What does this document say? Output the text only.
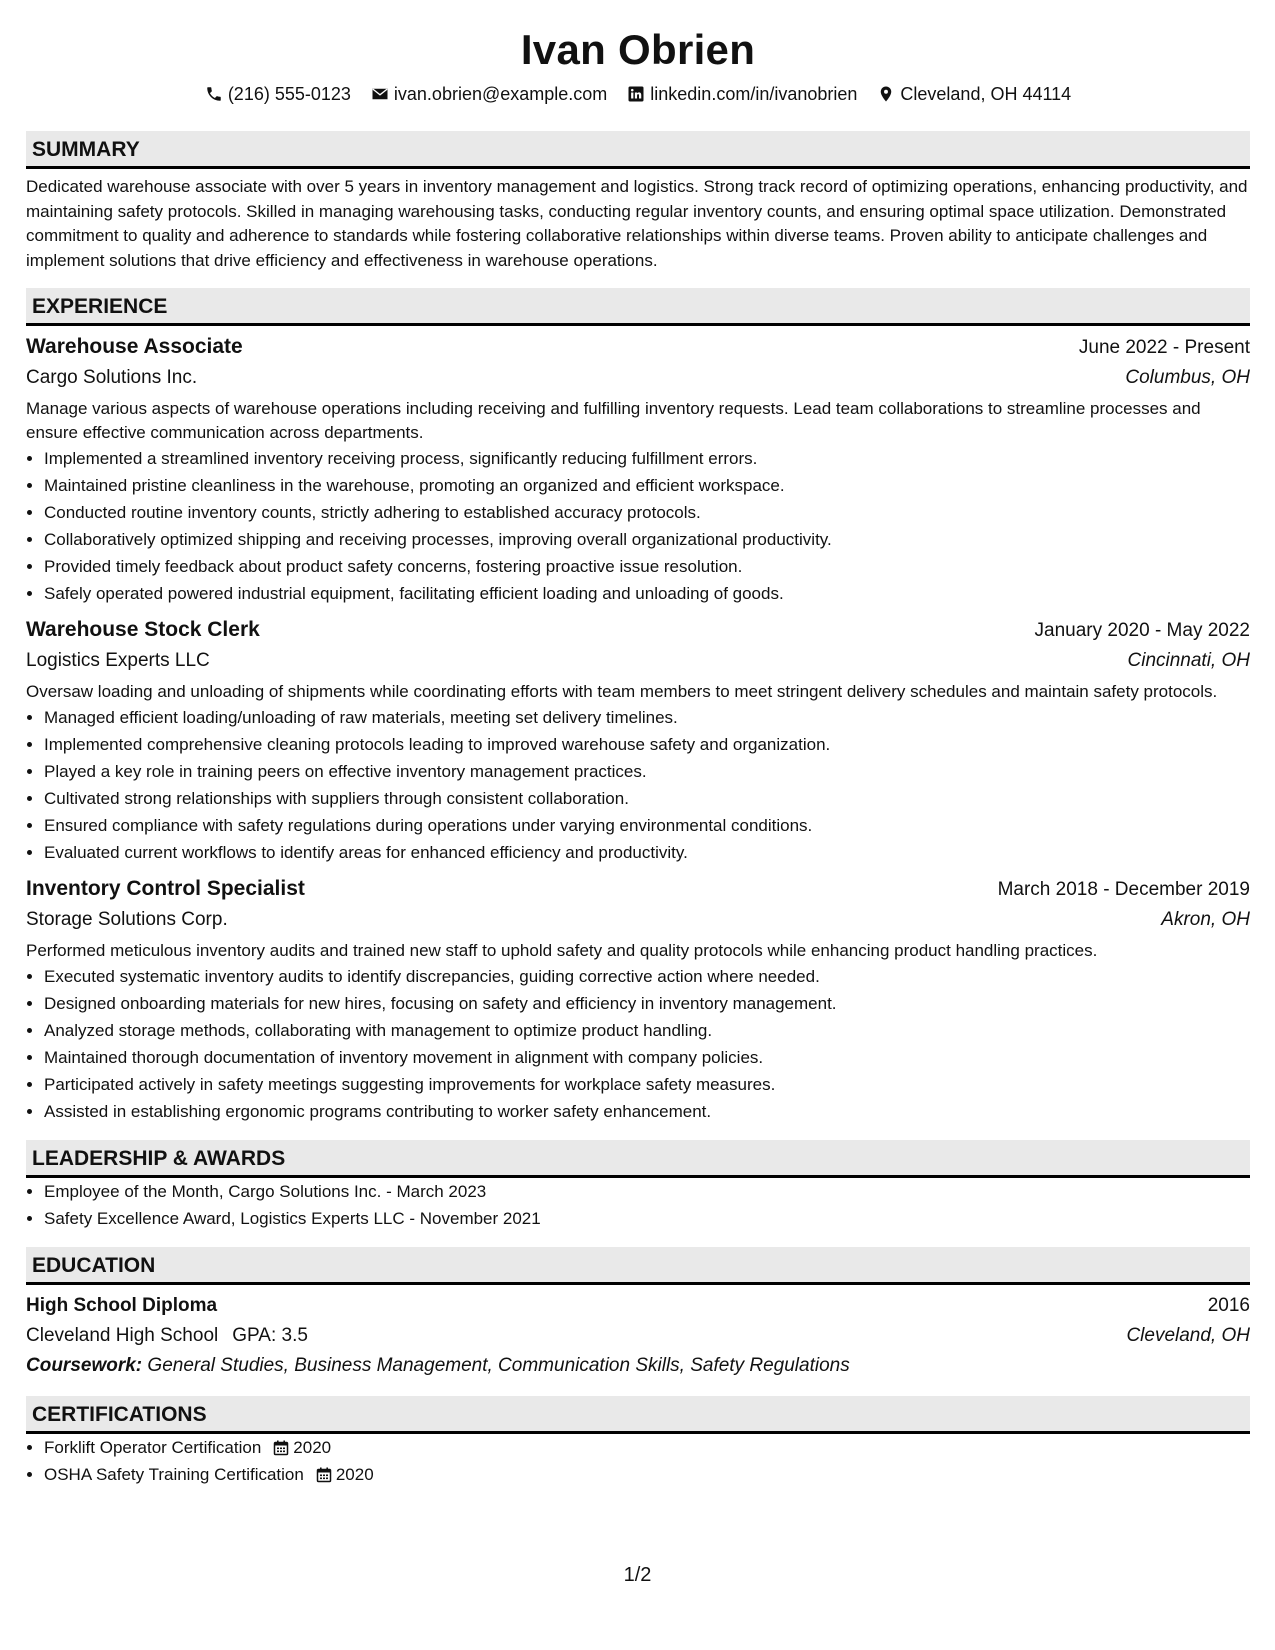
Ivan Obrien
(216) 555-0123 ivan.obrien@example.com linkedin.com/in/ivanobrien Cleveland, OH 44114
SUMMARY
Dedicated warehouse associate with over 5 years in inventory management and logistics. Strong track record of optimizing operations, enhancing productivity, and maintaining safety protocols. Skilled in managing warehousing tasks, conducting regular inventory counts, and ensuring optimal space utilization. Demonstrated commitment to quality and adherence to standards while fostering collaborative relationships within diverse teams. Proven ability to anticipate challenges and implement solutions that drive efficiency and effectiveness in warehouse operations.
EXPERIENCE
Warehouse Associate	June 2022 - Present
Cargo Solutions Inc.	Columbus, OH
Manage various aspects of warehouse operations including receiving and fulfilling inventory requests. Lead team collaborations to streamline processes and ensure effective communication across departments.
• Implemented a streamlined inventory receiving process, significantly reducing fulfillment errors.
• Maintained pristine cleanliness in the warehouse, promoting an organized and efficient workspace.
• Conducted routine inventory counts, strictly adhering to established accuracy protocols.
• Collaboratively optimized shipping and receiving processes, improving overall organizational productivity.
• Provided timely feedback about product safety concerns, fostering proactive issue resolution.
• Safely operated powered industrial equipment, facilitating efficient loading and unloading of goods.
Warehouse Stock Clerk	January 2020 - May 2022
Logistics Experts LLC	Cincinnati, OH
Oversaw loading and unloading of shipments while coordinating efforts with team members to meet stringent delivery schedules and maintain safety protocols.
• Managed efficient loading/unloading of raw materials, meeting set delivery timelines.
• Implemented comprehensive cleaning protocols leading to improved warehouse safety and organization.
• Played a key role in training peers on effective inventory management practices.
• Cultivated strong relationships with suppliers through consistent collaboration.
• Ensured compliance with safety regulations during operations under varying environmental conditions.
• Evaluated current workflows to identify areas for enhanced efficiency and productivity.
Inventory Control Specialist	March 2018 - December 2019
Storage Solutions Corp.	Akron, OH
Performed meticulous inventory audits and trained new staff to uphold safety and quality protocols while enhancing product handling practices.
• Executed systematic inventory audits to identify discrepancies, guiding corrective action where needed.
• Designed onboarding materials for new hires, focusing on safety and efficiency in inventory management.
• Analyzed storage methods, collaborating with management to optimize product handling.
• Maintained thorough documentation of inventory movement in alignment with company policies.
• Participated actively in safety meetings suggesting improvements for workplace safety measures.
• Assisted in establishing ergonomic programs contributing to worker safety enhancement.
LEADERSHIP & AWARDS
• Employee of the Month, Cargo Solutions Inc. - March 2023
• Safety Excellence Award, Logistics Experts LLC - November 2021
EDUCATION
High School Diploma	2016
Cleveland High School GPA: 3.5	Cleveland, OH
Coursework: General Studies, Business Management, Communication Skills, Safety Regulations
CERTIFICATIONS
• Forklift Operator Certification 2020
• OSHA Safety Training Certification 2020
1/2
